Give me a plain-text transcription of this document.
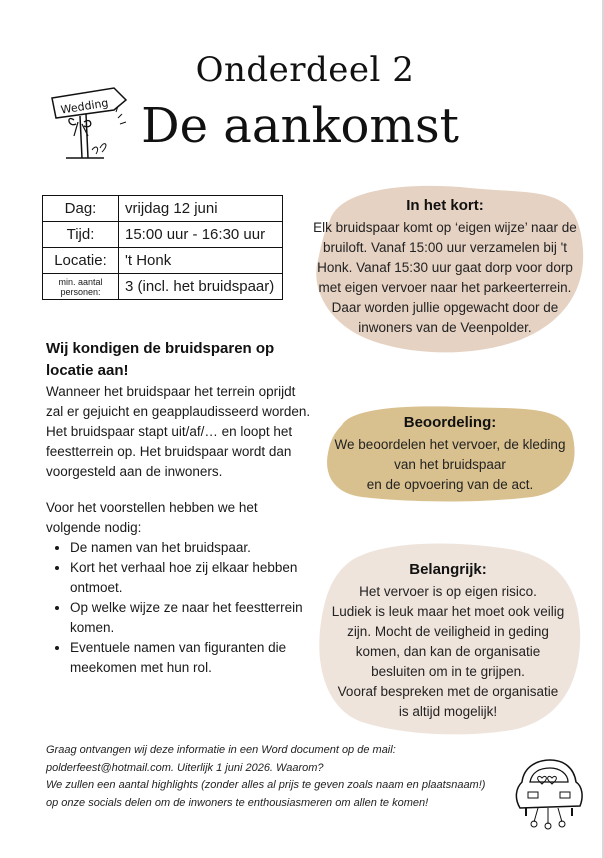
Wedding
Onderdeel 2
De aankomst
Dag:	vrijdag 12 juni
Tijd:	15:00 uur - 16:30 uur
Locatie:	't Honk
min. aantal personen:	3 (incl. het bruidspaar)
In het kort:
Elk bruidspaar komt op ‘eigen wijze’ naar de
bruiloft. Vanaf 15:00 uur verzamelen bij 't
Honk. Vanaf 15:30 uur gaat dorp voor dorp
met eigen vervoer naar het parkeerterrein.
Daar worden jullie opgewacht door de
inwoners van de Veenpolder.
Beoordeling:
We beoordelen het vervoer, de kleding
van het bruidspaar
en de opvoering van de act.
Belangrijk:
Het vervoer is op eigen risico.
Ludiek is leuk maar het moet ook veilig
zijn. Mocht de veiligheid in geding
komen, dan kan de organisatie
besluiten om in te grijpen.
Vooraf bespreken met de organisatie
is altijd mogelijk!
Wij kondigen de bruidsparen op locatie aan!

Wanneer het bruidspaar het terrein oprijdt zal er gejuicht en geapplaudisseerd worden. Het bruidspaar stapt uit/af/… en loopt het feestterrein op. Het bruidspaar wordt dan voorgesteld aan de inwoners.

Voor het voorstellen hebben we het volgende nodig:

• De namen van het bruidspaar.
• Kort het verhaal hoe zij elkaar hebben ontmoet.
• Op welke wijze ze naar het feestterrein komen.
• Eventuele namen van figuranten die meekomen met hun rol.
Graag ontvangen wij deze informatie in een Word document op de mail:
polderfeest@hotmail.com. Uiterlijk 1 juni 2026. Waarom?
We zullen een aantal highlights (zonder alles al prijs te geven zoals naam en plaatsnaam!)
op onze socials delen om de inwoners te enthousiasmeren om allen te komen!
